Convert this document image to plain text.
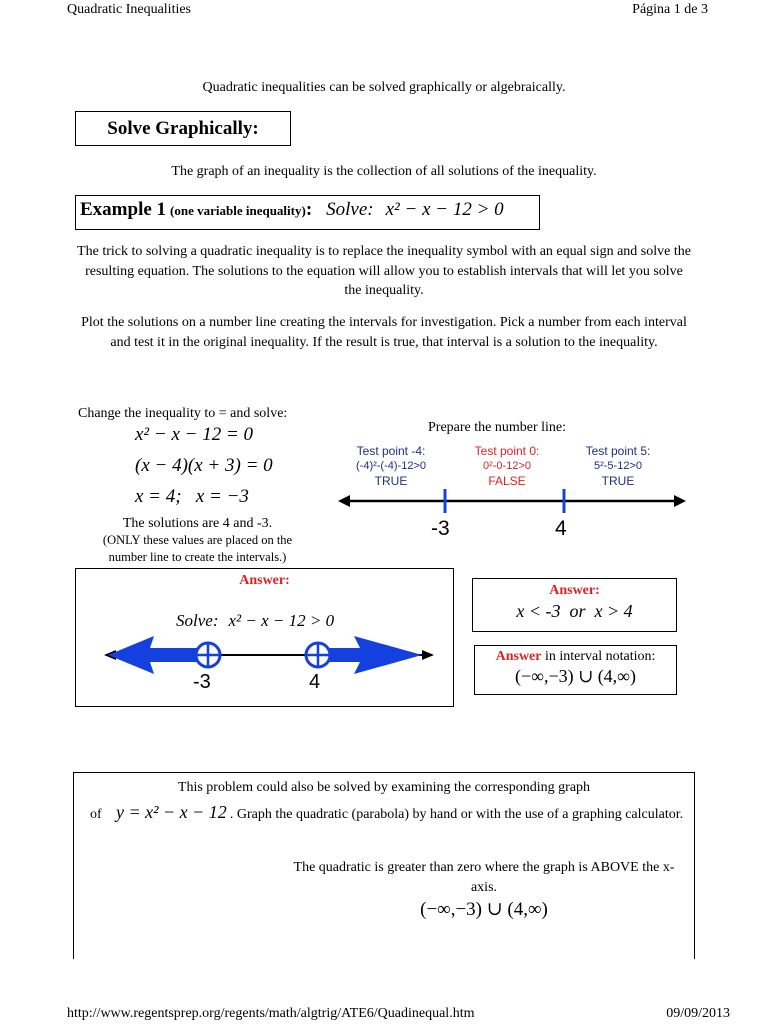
Quadratic Inequalities	Página 1 de 3
Quadratic inequalities can be solved graphically or algebraically.
Solve Graphically:
The graph of an inequality is the collection of all solutions of the inequality.
Example 1 (one variable inequality): Solve: x² − x − 12 > 0
The trick to solving a quadratic inequality is to replace the inequality symbol with an equal sign and solve the resulting equation. The solutions to the equation will allow you to establish intervals that will let you solve the inequality.
Plot the solutions on a number line creating the intervals for investigation. Pick a number from each interval and test it in the original inequality. If the result is true, that interval is a solution to the inequality.
Change the inequality to = and solve:
x² − x − 12 = 0
(x − 4)(x + 3) = 0
x = 4;   x = −3
The solutions are 4 and -3.
(ONLY these values are placed on the number line to create the intervals.)
Prepare the number line:
Test point -4:
(-4)²-(-4)-12>0
TRUE
Test point 0:
0²-0-12>0
FALSE
Test point 5:
5²-5-12>0
TRUE
-3	4
Answer:
Solve: x² − x − 12 > 0
-3	4
Answer:
x < -3  or  x > 4
Answer in interval notation:
(−∞,−3) ∪ (4,∞)
This problem could also be solved by examining the corresponding graph
of y = x² − x − 12 . Graph the quadratic (parabola) by hand or with the use of a graphing calculator.
The quadratic is greater than zero where the graph is ABOVE the x-axis.
(−∞,−3) ∪ (4,∞)
http://www.regentsprep.org/regents/math/algtrig/ATE6/Quadinequal.htm	09/09/2013
